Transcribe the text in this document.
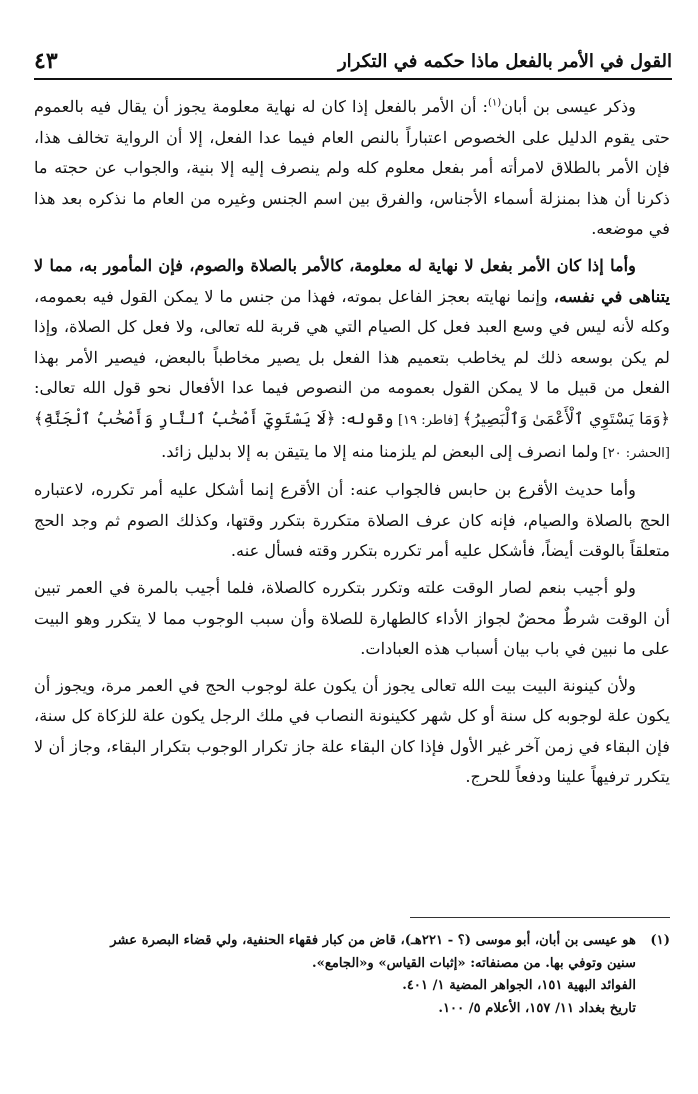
القول في الأمر بالفعل ماذا حكمه في التكرار
٤٣

وذكر عيسى بن أبان$^{(١)}$: أن الأمر بالفعل إذا كان له نهاية معلومة يجوز أن يقال فيه بالعموم حتى يقوم الدليل على الخصوص اعتباراً بالنص العام فيما عدا الفعل، إلا أن الرواية تخالف هذا، فإن الأمر بالطلاق لامرأته أمر بفعل معلوم كله ولم ينصرف إليه إلا بنية، والجواب عن حجته ما ذكرنا أن هذا بمنزلة أسماء الأجناس، والفرق بين اسم الجنس وغيره من العام ما نذكره بعد هذا في موضعه.

وأما إذا كان الأمر بفعل لا نهاية له معلومة، كالأمر بالصلاة والصوم، فإن المأمور به، مما لا يتناهى في نفسه، وإنما نهايته بعجز الفاعل بموته، فهذا من جنس ما لا يمكن القول فيه بعمومه، وكله لأنه ليس في وسع العبد فعل كل الصيام التي هي قربة لله تعالى، ولا فعل كل الصلاة، وإذا لم يكن بوسعه ذلك لم يخاطب بتعميم هذا الفعل بل يصير مخاطباً بالبعض، فيصير الأمر بهذا الفعل من قبيل ما لا يمكن القول بعمومه من النصوص فيما عدا الأفعال نحو قول الله تعالى: ﴿وَمَا يَسْتَوِي ٱلْأَعْمَىٰ وَٱلْبَصِيرُ﴾ [فاطر: ١٩] وقوله: ﴿لَا يَسْتَوِيٓ أَصْحَٰبُ ٱلنَّارِ وَأَصْحَٰبُ ٱلْجَنَّةِ﴾ [الحشر: ٢٠] ولما انصرف إلى البعض لم يلزمنا منه إلا ما يتيقن به إلا بدليل زائد.

وأما حديث الأقرع بن حابس فالجواب عنه: أن الأقرع إنما أشكل عليه أمر تكرره، لاعتباره الحج بالصلاة والصيام، فإنه كان عرف الصلاة متكررة بتكرر وقتها، وكذلك الصوم ثم وجد الحج متعلقاً بالوقت أيضاً، فأشكل عليه أمر تكرره بتكرر وقته فسأل عنه.

ولو أجيب بنعم لصار الوقت علته وتكرر بتكرره كالصلاة، فلما أجيب بالمرة في العمر تبين أن الوقت شرطٌ محضٌ لجواز الأداء كالطهارة للصلاة وأن سبب الوجوب مما لا يتكرر وهو البيت على ما نبين في باب بيان أسباب هذه العبادات.

ولأن كينونة البيت بيت الله تعالى يجوز أن يكون علة لوجوب الحج في العمر مرة، ويجوز أن يكون علة لوجوبه كل سنة أو كل شهر ككينونة النصاب في ملك الرجل يكون علة للزكاة كل سنة، فإن البقاء في زمن آخر غير الأول فإذا كان البقاء علة جاز تكرار الوجوب بتكرار البقاء، وجاز أن لا يتكرر ترفيهاً علينا ودفعاً للحرج.

(١)
هو عيسى بن أبان، أبو موسى (؟ - ٢٢١هـ)، قاض من كبار فقهاء الحنفية، ولي قضاء البصرة عشر
سنين وتوفي بها. من مصنفاته: «إثبات القياس» و«الجامع».
الفوائد البهية ١٥١، الجواهر المضية ١/ ٤٠١.
تاريخ بغداد ١١/ ١٥٧، الأعلام ٥/ ١٠٠.
